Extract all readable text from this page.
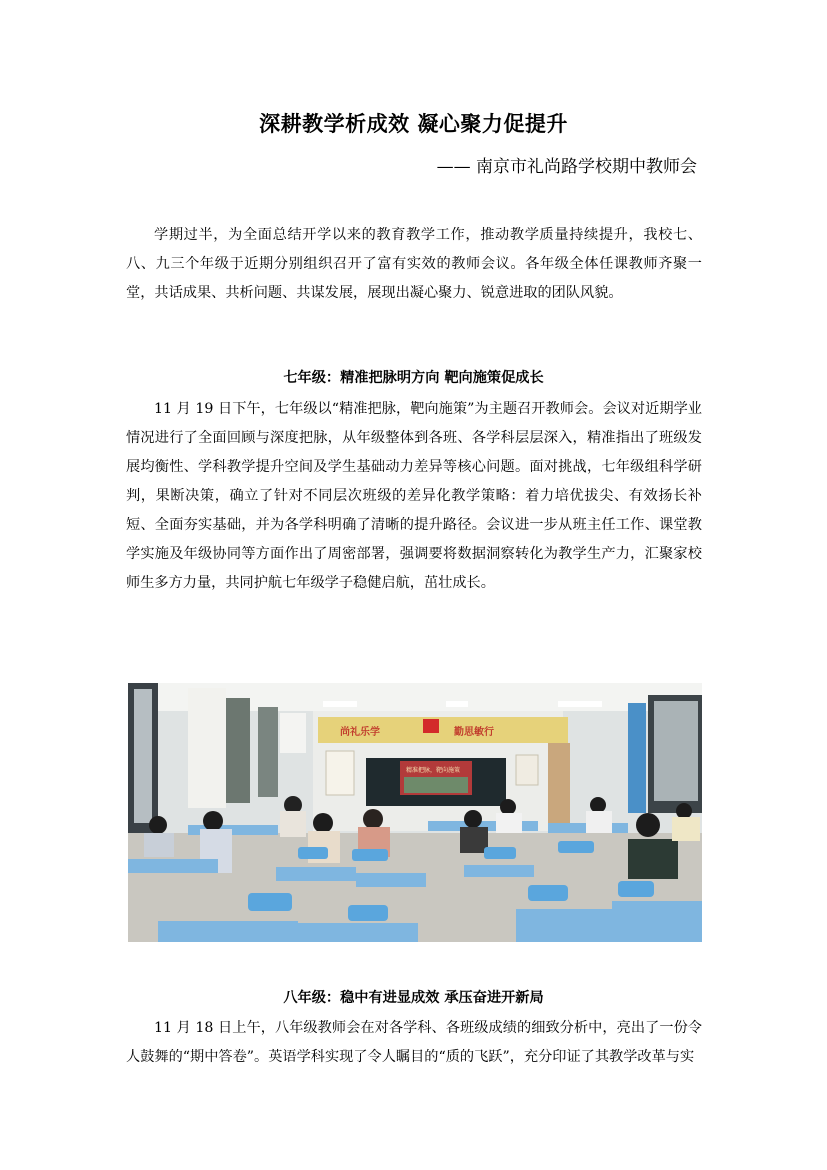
深耕教学析成效 凝心聚力促提升
—— 南京市礼尚路学校期中教师会

学期过半，为全面总结开学以来的教育教学工作，推动教学质量持续提升，我校七、八、九三个年级于近期分别组织召开了富有实效的教师会议。各年级全体任课教师齐聚一堂，共话成果、共析问题、共谋发展，展现出凝心聚力、锐意进取的团队风貌。

七年级：精准把脉明方向 靶向施策促成长

11 月 19 日下午，七年级以“精准把脉，靶向施策”为主题召开教师会。会议对近期学业情况进行了全面回顾与深度把脉，从年级整体到各班、各学科层层深入，精准指出了班级发展均衡性、学科教学提升空间及学生基础动力差异等核心问题。面对挑战，七年级组科学研判，果断决策，确立了针对不同层次班级的差异化教学策略：着力培优拔尖、有效扬长补短、全面夯实基础，并为各学科明确了清晰的提升路径。会议进一步从班主任工作、课堂教学实施及年级协同等方面作出了周密部署，强调要将数据洞察转化为教学生产力，汇聚家校师生多方力量，共同护航七年级学子稳健启航，茁壮成长。

尚礼乐学	勤思敏行
精准把脉，靶向施策
八年级：稳中有进显成效 承压奋进开新局

11 月 18 日上午，八年级教师会在对各学科、各班级成绩的细致分析中，亮出了一份令人鼓舞的“期中答卷”。英语学科实现了令人瞩目的“质的飞跃”，充分印证了其教学改革与实
